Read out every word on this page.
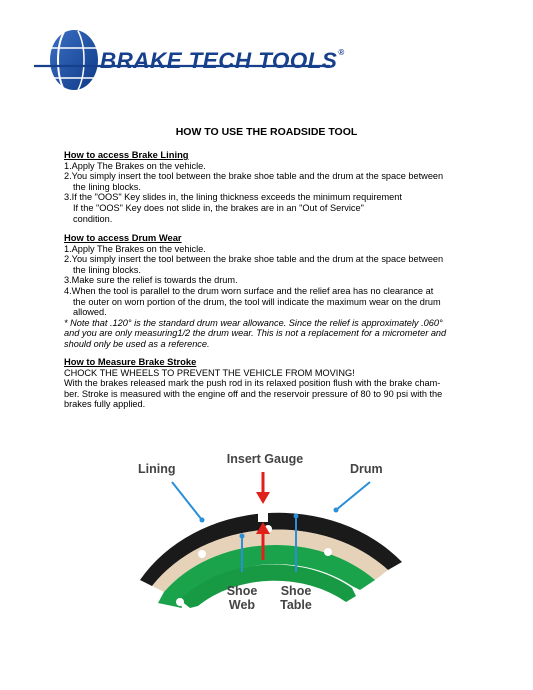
BRAKE TECH TOOLS®
HOW TO USE THE ROADSIDE TOOL
How to access Brake Lining

1.Apply The Brakes on the vehicle.

2.You simply insert the tool between the brake shoe table and the drum at the space between

the lining blocks.

3.If the "OOS" Key slides in, the lining thickness exceeds the minimum requirement

If the "OOS" Key does not slide in, the brakes are in an "Out of Service"

condition.

How to access Drum Wear

1.Apply The Brakes on the vehicle.

2.You simply insert the tool between the brake shoe table and the drum at the space between

the lining blocks.

3.Make sure the relief is towards the drum.

4.When the tool is parallel to the drum worn surface and the relief area has no clearance at

the outer on worn portion of the drum, the tool will indicate the maximum wear on the drum

allowed.

* Note that .120° is the standard drum wear allowance. Since the relief is approximately .060°

and you are only measuring1/2 the drum wear. This is not a replacement for a micrometer and

should only be used as a reference.

How to Measure Brake Stroke

CHOCK THE WHEELS TO PREVENT THE VEHICLE FROM MOVING!

With the brakes released mark the push rod in its relaxed position flush with the brake cham-

ber. Stroke is measured with the engine off and the reservoir pressure of 80 to 90 psi with the

brakes fully applied.

Lining
Insert Gauge
Drum
Shoe
Web
Shoe
Table
